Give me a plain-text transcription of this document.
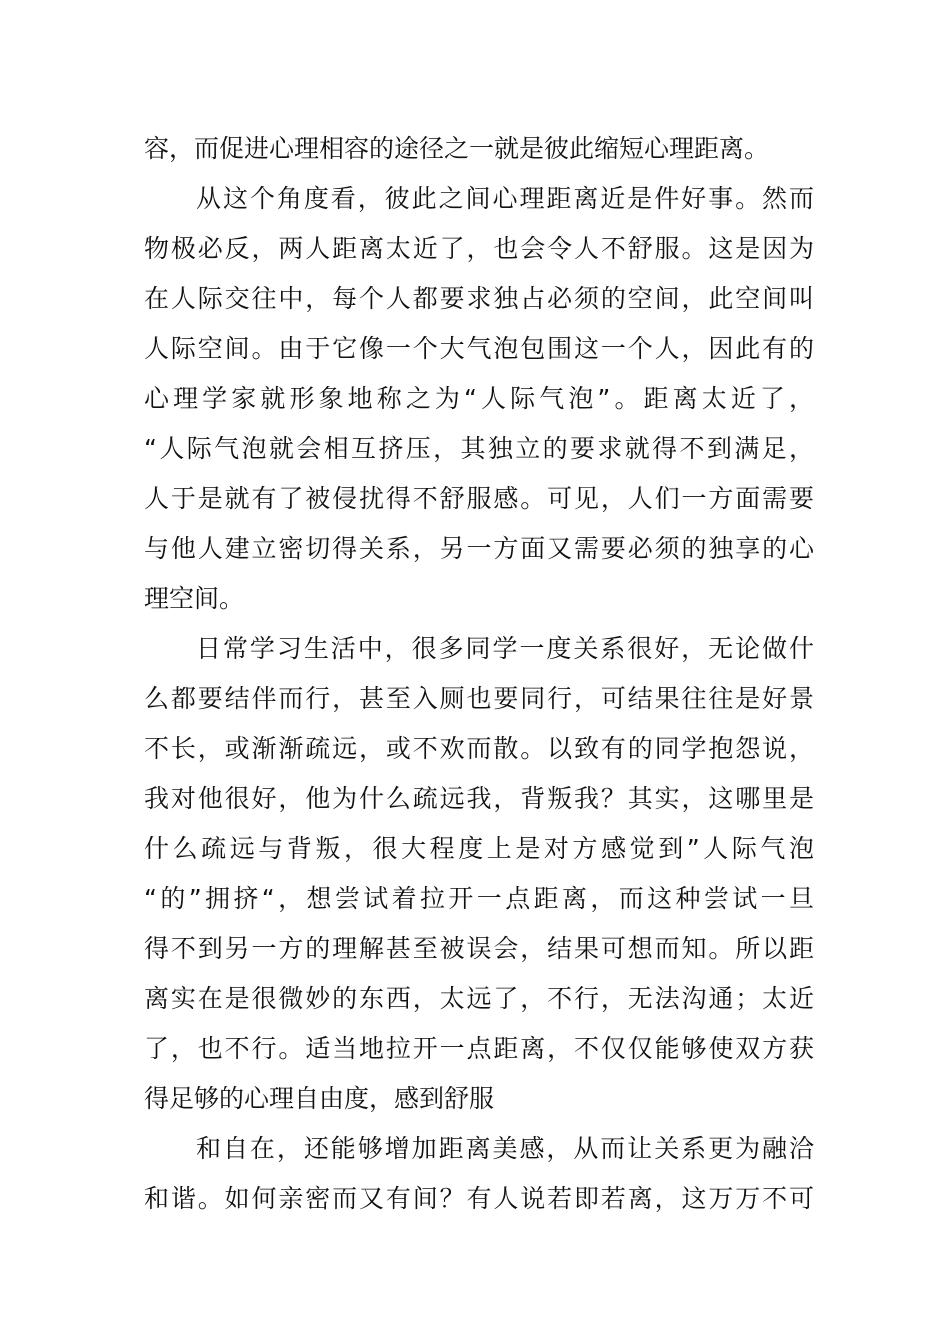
容，而促进心理相容的途径之一就是彼此缩短心理距离。
从这个角度看，彼此之间心理距离近是件好事。然而
物极必反，两人距离太近了，也会令人不舒服。这是因为
在人际交往中，每个人都要求独占必须的空间，此空间叫
人际空间。由于它像一个大气泡包围这一个人，因此有的
心理学家就形象地称之为“人际气泡”。距离太近了，
“人际气泡就会相互挤压，其独立的要求就得不到满足，
人于是就有了被侵扰得不舒服感。可见，人们一方面需要
与他人建立密切得关系，另一方面又需要必须的独享的心
理空间。
日常学习生活中，很多同学一度关系很好，无论做什
么都要结伴而行，甚至入厕也要同行，可结果往往是好景
不长，或渐渐疏远，或不欢而散。以致有的同学抱怨说，
我对他很好，他为什么疏远我，背叛我？其实，这哪里是
什么疏远与背叛，很大程度上是对方感觉到”人际气泡
“的”拥挤“，想尝试着拉开一点距离，而这种尝试一旦
得不到另一方的理解甚至被误会，结果可想而知。所以距
离实在是很微妙的东西，太远了，不行，无法沟通；太近
了，也不行。适当地拉开一点距离，不仅仅能够使双方获
得足够的心理自由度，感到舒服
和自在，还能够增加距离美感，从而让关系更为融洽
和谐。如何亲密而又有间？有人说若即若离，这万万不可
